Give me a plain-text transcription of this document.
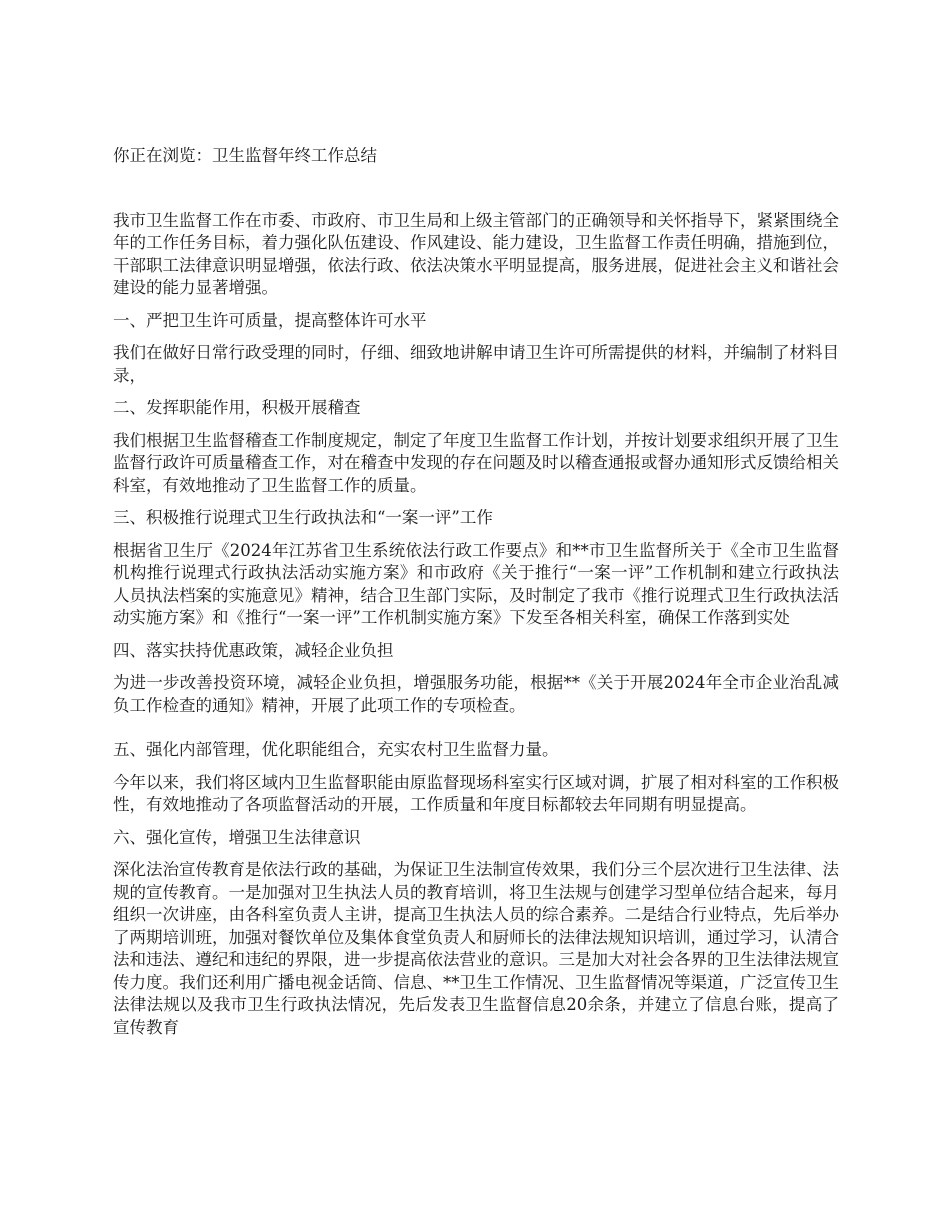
你正在浏览：卫生监督年终工作总结

我市卫生监督工作在市委、市政府、市卫生局和上级主管部门的正确领导和关怀指导下，紧紧围绕全年的工作任务目标，着力强化队伍建设、作风建设、能力建设，卫生监督工作责任明确，措施到位，干部职工法律意识明显增强，依法行政、依法决策水平明显提高，服务进展，促进社会主义和谐社会建设的能力显著增强。

一、严把卫生许可质量，提高整体许可水平

我们在做好日常行政受理的同时，仔细、细致地讲解申请卫生许可所需提供的材料，并编制了材料目录，

二、发挥职能作用，积极开展稽查

我们根据卫生监督稽查工作制度规定，制定了年度卫生监督工作计划，并按计划要求组织开展了卫生监督行政许可质量稽查工作，对在稽查中发现的存在问题及时以稽查通报或督办通知形式反馈给相关科室，有效地推动了卫生监督工作的质量。

三、积极推行说理式卫生行政执法和“一案一评”工作

根据省卫生厅《2024年江苏省卫生系统依法行政工作要点》和**市卫生监督所关于《全市卫生监督机构推行说理式行政执法活动实施方案》和市政府《关于推行“一案一评”工作机制和建立行政执法人员执法档案的实施意见》精神，结合卫生部门实际，及时制定了我市《推行说理式卫生行政执法活动实施方案》和《推行“一案一评”工作机制实施方案》下发至各相关科室，确保工作落到实处

四、落实扶持优惠政策，减轻企业负担

为进一步改善投资环境，减轻企业负担，增强服务功能，根据**《关于开展2024年全市企业治乱减负工作检查的通知》精神，开展了此项工作的专项检查。

五、强化内部管理，优化职能组合，充实农村卫生监督力量。

今年以来，我们将区域内卫生监督职能由原监督现场科室实行区域对调，扩展了相对科室的工作积极性，有效地推动了各项监督活动的开展，工作质量和年度目标都较去年同期有明显提高。

六、强化宣传，增强卫生法律意识

深化法治宣传教育是依法行政的基础，为保证卫生法制宣传效果，我们分三个层次进行卫生法律、法规的宣传教育。一是加强对卫生执法人员的教育培训，将卫生法规与创建学习型单位结合起来，每月组织一次讲座，由各科室负责人主讲，提高卫生执法人员的综合素养。二是结合行业特点，先后举办了两期培训班，加强对餐饮单位及集体食堂负责人和厨师长的法律法规知识培训，通过学习，认清合法和违法、遵纪和违纪的界限，进一步提高依法营业的意识。三是加大对社会各界的卫生法律法规宣传力度。我们还利用广播电视金话筒、信息、**卫生工作情况、卫生监督情况等渠道，广泛宣传卫生法律法规以及我市卫生行政执法情况，先后发表卫生监督信息20余条，并建立了信息台账，提高了宣传教育
